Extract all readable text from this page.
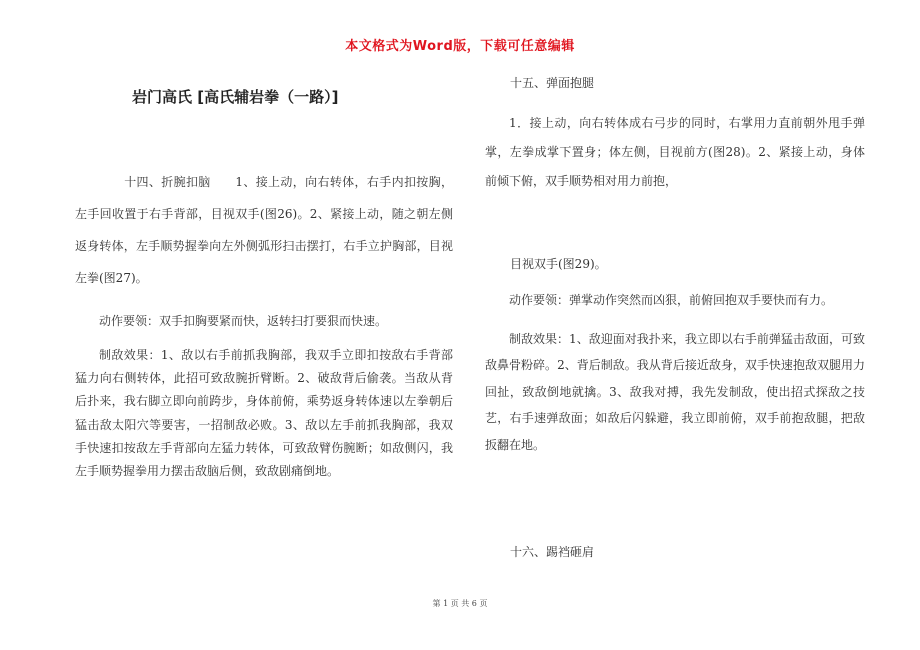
本文格式为Word版，下载可任意编辑
岩门高氏 [高氏辅岩拳（一路）]

十四、折腕扣脑　　1、接上动，向右转体，右手内扣按胸，左手回收置于右手背部，目视双手(图26)。2、紧接上动，随之朝左侧返身转体，左手顺势握拳向左外侧弧形扫击摆打，右手立护胸部，目视左拳(图27)。

动作要领：双手扣胸要紧而快，返转扫打要狠而快速。

制敌效果：1、敌以右手前抓我胸部，我双手立即扣按敌右手背部猛力向右侧转体，此招可致敌腕折臂断。2、破敌背后偷袭。当敌从背后扑来，我右脚立即向前跨步，身体前俯，乘势返身转体速以左拳朝后猛击敌太阳穴等要害，一招制敌必败。3、敌以左手前抓我胸部，我双手快速扣按敌左手背部向左猛力转体，可致敌臂伤腕断；如敌侧闪，我左手顺势握拳用力摆击敌脑后侧，致敌剧痛倒地。

十五、弹面抱腿

1．接上动，向右转体成右弓步的同时，右掌用力直前朝外甩手弹掌，左拳成掌下置身；体左侧，目视前方(图28)。2、紧接上动，身体前倾下俯，双手顺势相对用力前抱，

目视双手(图29)。

动作要领：弹掌动作突然而凶狠，前俯回抱双手要快而有力。

制敌效果：1、敌迎面对我扑来，我立即以右手前弹猛击敌面，可致敌鼻骨粉碎。2、背后制敌。我从背后接近敌身，双手快速抱敌双腿用力回扯，致敌倒地就擒。3、敌我对搏，我先发制敌，使出招式探敌之技艺，右手速弹敌面；如敌后闪躲避，我立即前俯，双手前抱敌腿，把敌扳翻在地。

十六、踢裆砸肩

第 1 页 共 6 页
